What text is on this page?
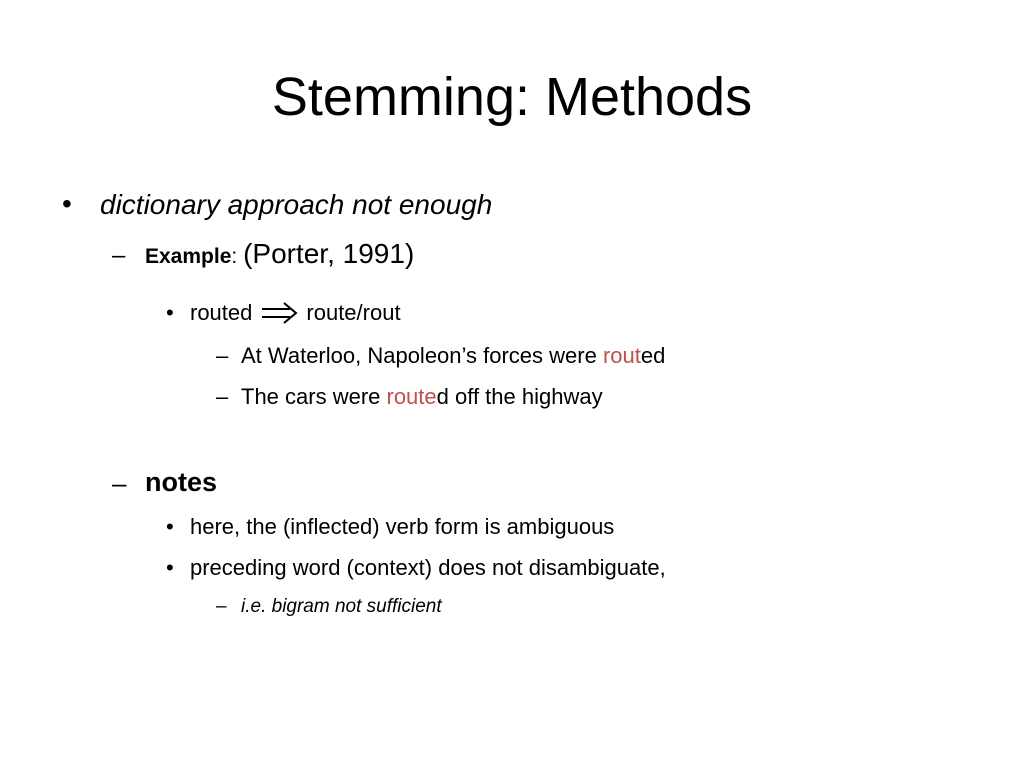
Stemming: Methods
• dictionary approach not enough
– Example: (Porter, 1991)
• routed route/rout
– At Waterloo, Napoleon’s forces were routed
– The cars were routed off the highway
– notes
• here, the (inflected) verb form is ambiguous
• preceding word (context) does not disambiguate,
– i.e. bigram not sufficient
